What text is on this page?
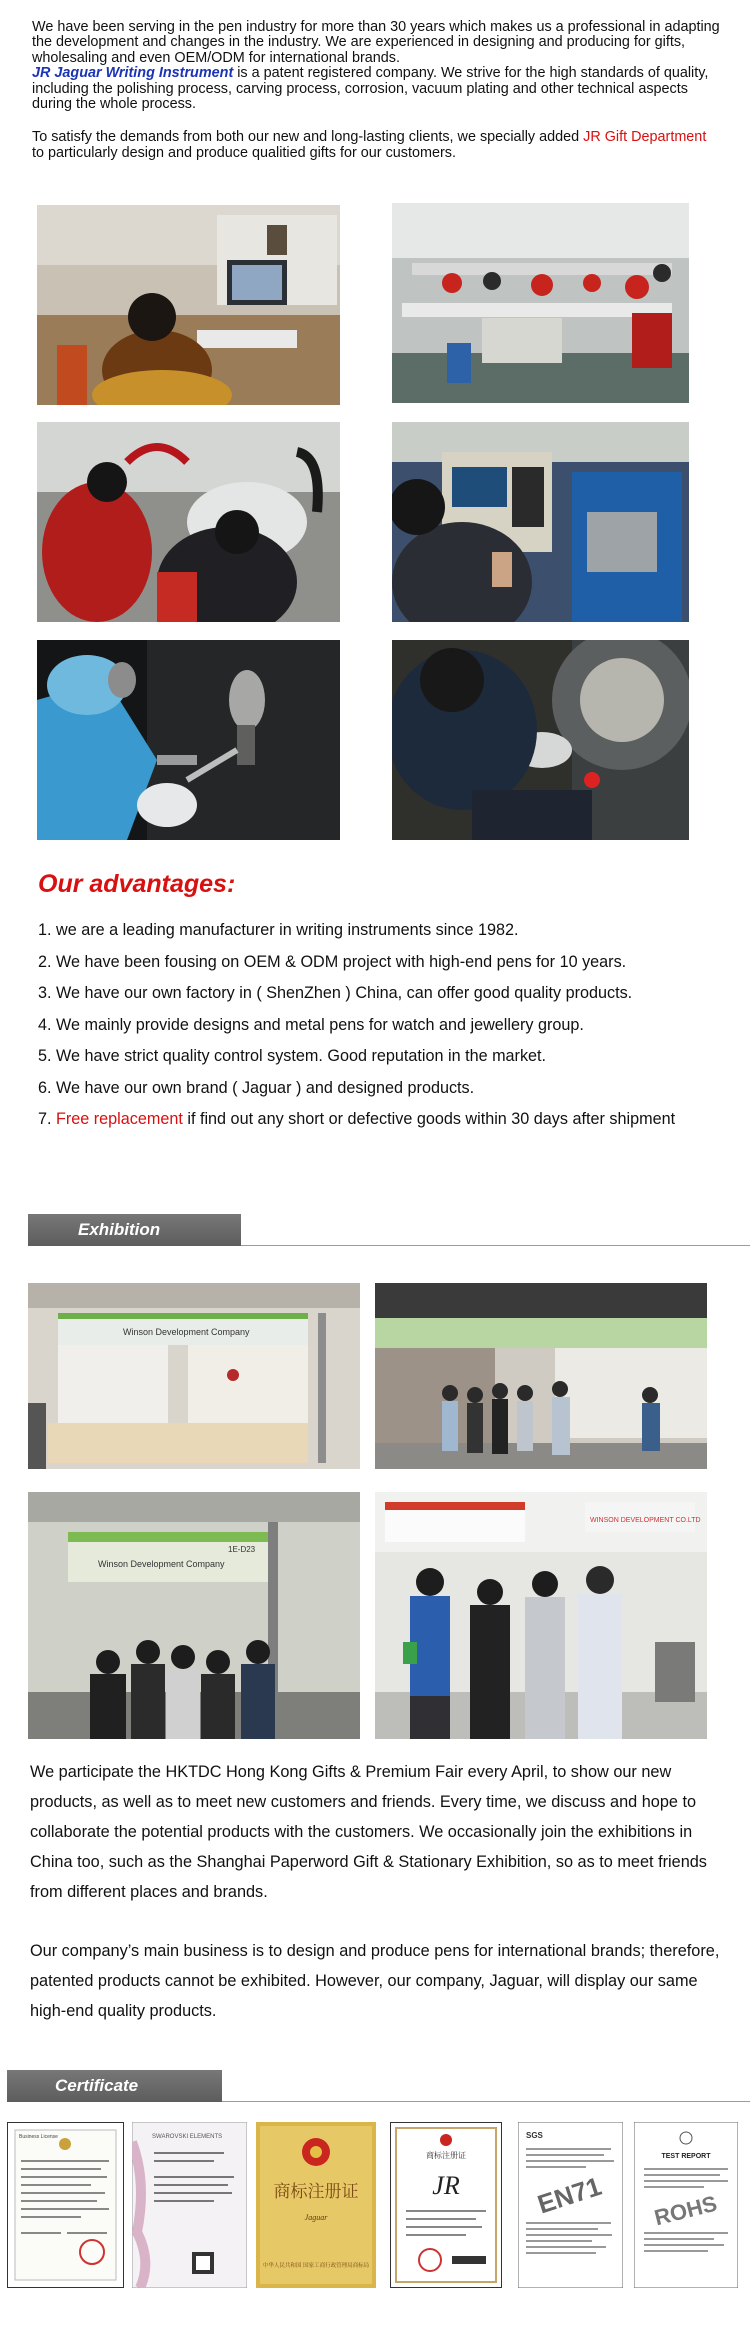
We have been serving in the pen industry for more than 30 years which makes us a professional in adapting the development and changes in the industry. We are experienced in designing and producing for gifts, wholesaling and even OEM/ODM for international brands.
JR Jaguar Writing Instrument is a patent registered company. We strive for the high standards of quality, including the polishing process, carving process, corrosion, vacuum plating and other technical aspects during the whole process.

To satisfy the demands from both our new and long-lasting clients, we specially added JR Gift Department to particularly design and produce qualitied gifts for our customers.

Our advantages:
1. we are a leading manufacturer in writing instruments since 1982.
2. We have been fousing on OEM & ODM project with high-end pens for 10 years.
3. We have our own factory in ( ShenZhen ) China, can offer good quality products.
4. We mainly provide designs and metal pens for watch and jewellery group.
5. We have strict quality control system. Good reputation in the market.
6. We have our own brand ( Jaguar ) and designed products.
7. Free replacement if find out any short or defective goods within 30 days after shipment
Exhibition
Winson Development Company
Winson Development Company
1E-D23
WINSON DEVELOPMENT CO.LTD

We participate the HKTDC Hong Kong Gifts & Premium Fair every April, to show our new products, as well as to meet new customers and friends. Every time, we discuss and hope to collaborate the potential products with the customers. We occasionally join the exhibitions in China too, such as the Shanghai Paperword Gift & Stationary Exhibition, so as to meet friends from different places and brands.

Our company’s main business is to design and produce pens for international brands; therefore, patented products cannot be exhibited. However, our company, Jaguar, will display our same high-end quality products.

Certificate
Business License	SWAROVSKI ELEMENTS
商标注册证
Jaguar
中华人民共和国 国家工商行政管理局商标局
商标注册证
JR
SGS
EN71
TEST REPORT
ROHS
